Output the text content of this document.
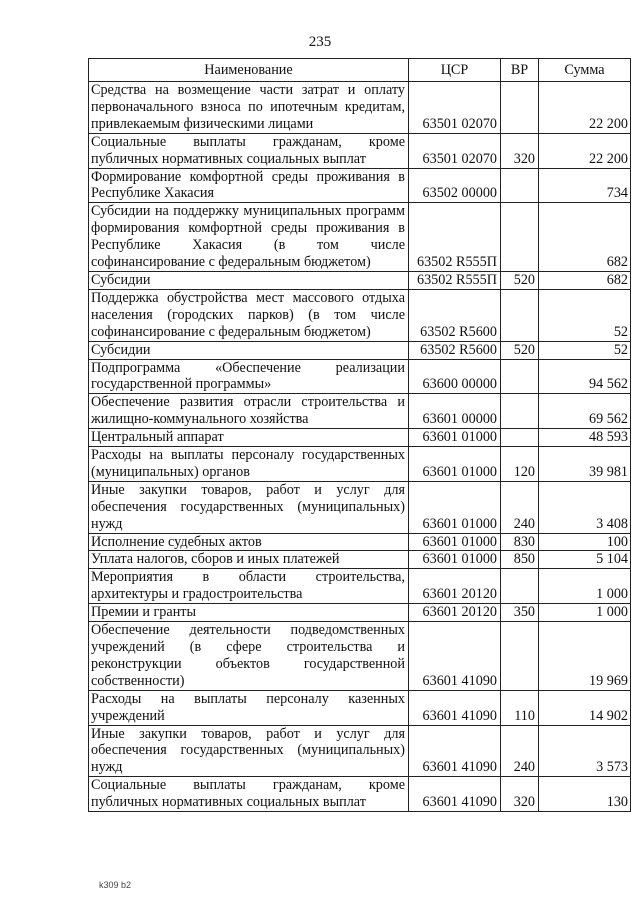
235
Наименование	ЦСР	ВР	Сумма
Средства на возмещение части затрат и оплату первоначального взноса по ипотечным кредитам, привлекаемым физическими лицами	63501 02070		22 200
Социальные выплаты гражданам, кроме публичных нормативных социальных выплат	63501 02070	320	22 200
Формирование комфортной среды проживания в Республике Хакасия	63502 00000		734
Субсидии на поддержку муниципальных программ формирования комфортной среды проживания в Республике Хакасия (в том числе софинансирование с федеральным бюджетом)	63502 R555П		682
Субсидии	63502 R555П	520	682
Поддержка обустройства мест массового отдыха населения (городских парков) (в том числе софинансирование с федеральным бюджетом)	63502 R5600		52
Субсидии	63502 R5600	520	52
Подпрограмма «Обеспечение реализации государственной программы»	63600 00000		94 562
Обеспечение развития отрасли строительства и жилищно-коммунального хозяйства	63601 00000		69 562
Центральный аппарат	63601 01000		48 593
Расходы на выплаты персоналу государственных (муниципальных) органов	63601 01000	120	39 981
Иные закупки товаров, работ и услуг для обеспечения государственных (муниципальных) нужд	63601 01000	240	3 408
Исполнение судебных актов	63601 01000	830	100
Уплата налогов, сборов и иных платежей	63601 01000	850	5 104
Мероприятия в области строительства, архитектуры и градостроительства	63601 20120		1 000
Премии и гранты	63601 20120	350	1 000
Обеспечение деятельности подведомственных учреждений (в сфере строительства и реконструкции объектов государственной собственности)	63601 41090		19 969
Расходы на выплаты персоналу казенных учреждений	63601 41090	110	14 902
Иные закупки товаров, работ и услуг для обеспечения государственных (муниципальных) нужд	63601 41090	240	3 573
Социальные выплаты гражданам, кроме публичных нормативных социальных выплат	63601 41090	320	130
k309 b2
